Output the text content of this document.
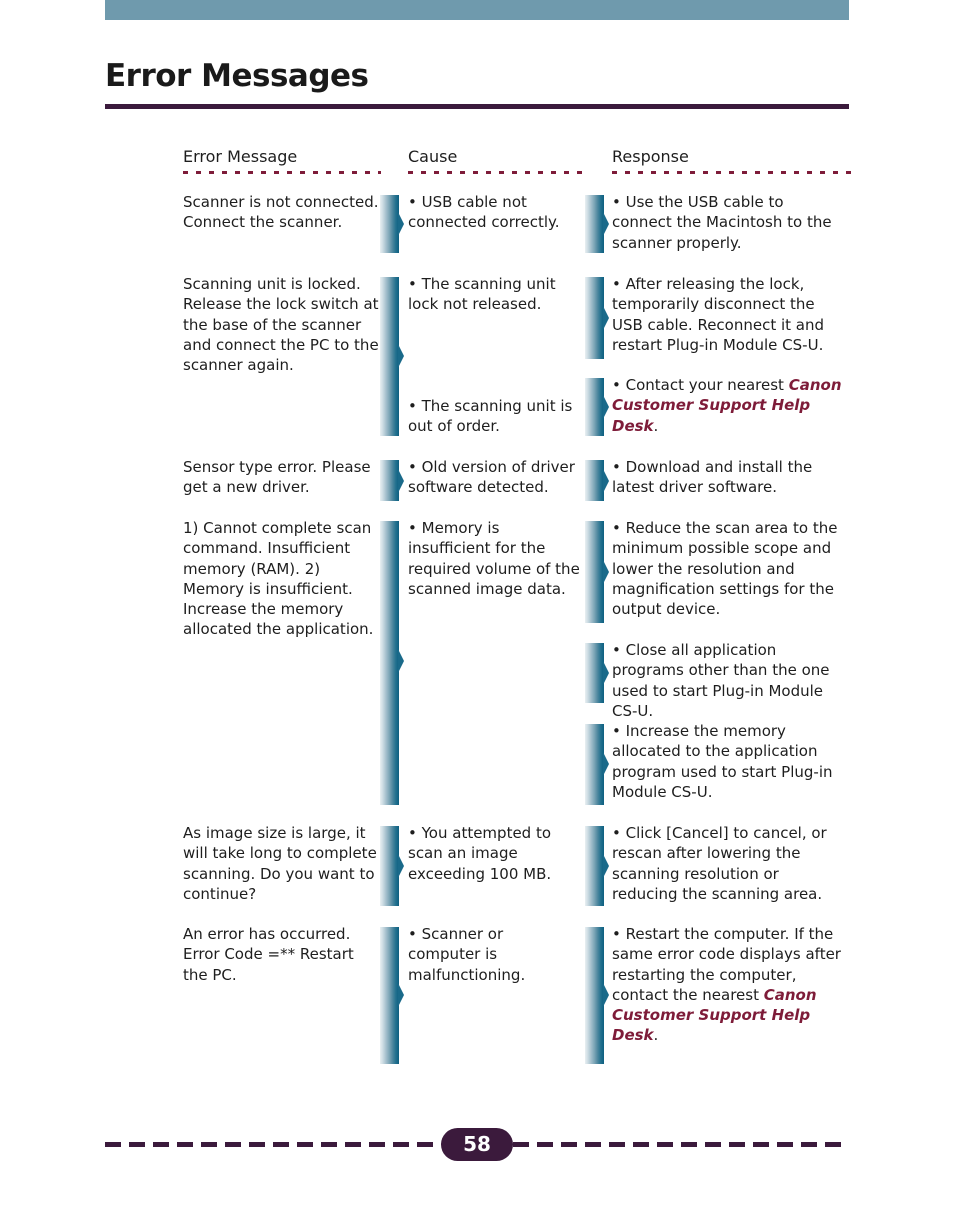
Error Messages
Error Message	Cause	Response
Scanner is not connected. Connect the scanner.
• USB cable not connected correctly.
• Use the USB cable to connect the Macintosh to the scanner properly.
Scanning unit is locked. Release the lock switch at the base of the scanner and connect the PC to the scanner again.
• The scanning unit lock not released.
• The scanning unit is out of order.
• After releasing the lock, temporarily disconnect the USB cable. Reconnect it and restart Plug-in Module CS-U.
• Contact your nearest Canon Customer Support Help Desk.
Sensor type error. Please get a new driver.
• Old version of driver software detected.
• Download and install the latest driver software.
1) Cannot complete scan command. Insufficient memory (RAM). 2) Memory is insufficient. Increase the memory allocated the application.
• Memory is insufficient for the required volume of the scanned image data.
• Reduce the scan area to the minimum possible scope and lower the resolution and magnification settings for the output device.
• Close all application programs other than the one used to start Plug-in Module CS-U.
• Increase the memory allocated to the application program used to start Plug-in Module CS-U.
As image size is large, it will take long to complete scanning. Do you want to continue?
• You attempted to scan an image exceeding 100 MB.
• Click [Cancel] to cancel, or rescan after lowering the scanning resolution or reducing the scanning area.
An error has occurred. Error Code =** Restart the PC.
• Scanner or computer is malfunctioning.
• Restart the computer. If the same error code displays after restarting the computer, contact the nearest Canon Customer Support Help Desk.
58
